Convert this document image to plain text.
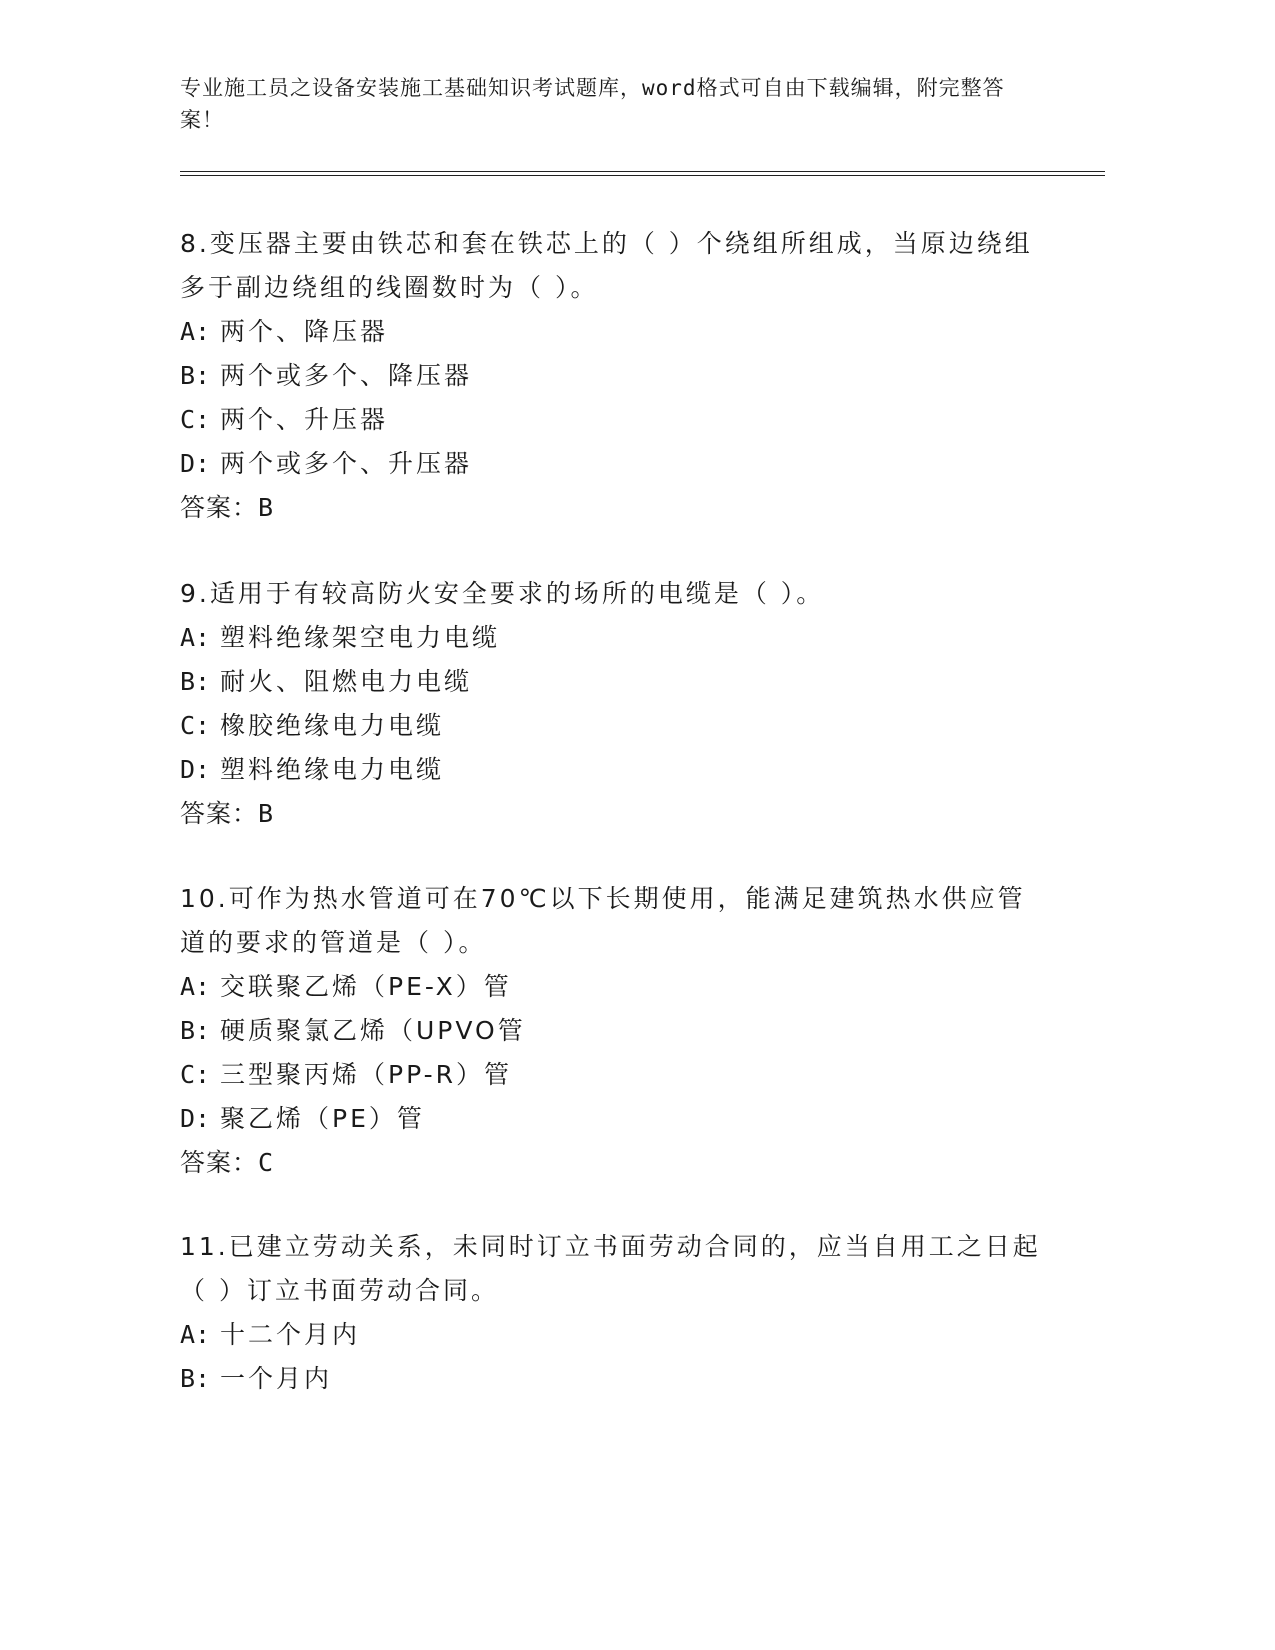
专业施工员之设备安装施工基础知识考试题库，word格式可自由下载编辑，附完整答案！

8.变压器主要由铁芯和套在铁芯上的（ ）个绕组所组成，当原边绕组多于副边绕组的线圈数时为（ ）。

A: 两个、降压器

B: 两个或多个、降压器

C: 两个、升压器

D: 两个或多个、升压器

答案：B

9.适用于有较高防火安全要求的场所的电缆是（ ）。

A: 塑料绝缘架空电力电缆

B: 耐火、阻燃电力电缆

C: 橡胶绝缘电力电缆

D: 塑料绝缘电力电缆

答案：B

10.可作为热水管道可在70℃以下长期使用，能满足建筑热水供应管道的要求的管道是（ ）。

A: 交联聚乙烯（PE-X）管

B: 硬质聚氯乙烯（UPVO管

C: 三型聚丙烯（PP-R）管

D: 聚乙烯（PE）管

答案：C

11.已建立劳动关系，未同时订立书面劳动合同的，应当自用工之日起（ ）订立书面劳动合同。

A: 十二个月内

B: 一个月内
